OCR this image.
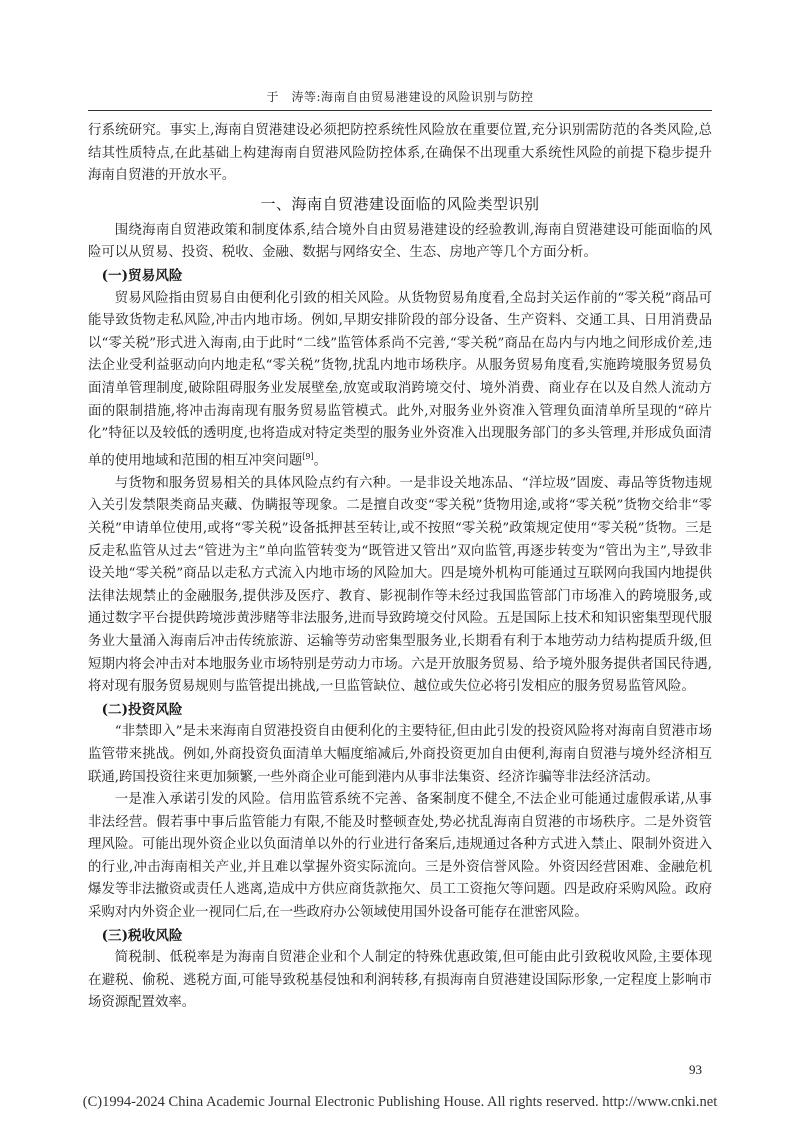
于　涛等:海南自由贸易港建设的风险识别与防控

行系统研究。事实上,海南自贸港建设必须把防控系统性风险放在重要位置,充分识别需防范的各类风险,总结其性质特点,在此基础上构建海南自贸港风险防控体系,在确保不出现重大系统性风险的前提下稳步提升海南自贸港的开放水平。

一、海南自贸港建设面临的风险类型识别

围绕海南自贸港政策和制度体系,结合境外自由贸易港建设的经验教训,海南自贸港建设可能面临的风险可以从贸易、投资、税收、金融、数据与网络安全、生态、房地产等几个方面分析。

(一)贸易风险

贸易风险指由贸易自由便利化引致的相关风险。从货物贸易角度看,全岛封关运作前的“零关税”商品可能导致货物走私风险,冲击内地市场。例如,早期安排阶段的部分设备、生产资料、交通工具、日用消费品以“零关税”形式进入海南,由于此时“二线”监管体系尚不完善,“零关税”商品在岛内与内地之间形成价差,违法企业受利益驱动向内地走私“零关税”货物,扰乱内地市场秩序。从服务贸易角度看,实施跨境服务贸易负面清单管理制度,破除阻碍服务业发展壁垒,放宽或取消跨境交付、境外消费、商业存在以及自然人流动方面的限制措施,将冲击海南现有服务贸易监管模式。此外,对服务业外资准入管理负面清单所呈现的“碎片化”特征以及较低的透明度,也将造成对特定类型的服务业外资准入出现服务部门的多头管理,并形成负面清单的使用地域和范围的相互冲突问题[9]。

与货物和服务贸易相关的具体风险点约有六种。一是非设关地冻品、“洋垃圾”固废、毒品等货物违规入关引发禁限类商品夹藏、伪瞒报等现象。二是擅自改变“零关税”货物用途,或将“零关税”货物交给非“零关税”申请单位使用,或将“零关税”设备抵押甚至转让,或不按照“零关税”政策规定使用“零关税”货物。三是反走私监管从过去“管进为主”单向监管转变为“既管进又管出”双向监管,再逐步转变为“管出为主”,导致非设关地“零关税”商品以走私方式流入内地市场的风险加大。四是境外机构可能通过互联网向我国内地提供法律法规禁止的金融服务,提供涉及医疗、教育、影视制作等未经过我国监管部门市场准入的跨境服务,或通过数字平台提供跨境涉黄涉赌等非法服务,进而导致跨境交付风险。五是国际上技术和知识密集型现代服务业大量涌入海南后冲击传统旅游、运输等劳动密集型服务业,长期看有利于本地劳动力结构提质升级,但短期内将会冲击对本地服务业市场特别是劳动力市场。六是开放服务贸易、给予境外服务提供者国民待遇,将对现有服务贸易规则与监管提出挑战,一旦监管缺位、越位或失位必将引发相应的服务贸易监管风险。

(二)投资风险

“非禁即入”是未来海南自贸港投资自由便利化的主要特征,但由此引发的投资风险将对海南自贸港市场监管带来挑战。例如,外商投资负面清单大幅度缩减后,外商投资更加自由便利,海南自贸港与境外经济相互联通,跨国投资往来更加频繁,一些外商企业可能到港内从事非法集资、经济诈骗等非法经济活动。

一是准入承诺引发的风险。信用监管系统不完善、备案制度不健全,不法企业可能通过虚假承诺,从事非法经营。假若事中事后监管能力有限,不能及时整顿查处,势必扰乱海南自贸港的市场秩序。二是外资管理风险。可能出现外资企业以负面清单以外的行业进行备案后,违规通过各种方式进入禁止、限制外资进入的行业,冲击海南相关产业,并且难以掌握外资实际流向。三是外资信誉风险。外资因经营困难、金融危机爆发等非法撤资或责任人逃离,造成中方供应商货款拖欠、员工工资拖欠等问题。四是政府采购风险。政府采购对内外资企业一视同仁后,在一些政府办公领域使用国外设备可能存在泄密风险。

(三)税收风险

简税制、低税率是为海南自贸港企业和个人制定的特殊优惠政策,但可能由此引致税收风险,主要体现在避税、偷税、逃税方面,可能导致税基侵蚀和利润转移,有损海南自贸港建设国际形象,一定程度上影响市场资源配置效率。

93
(C)1994-2024 China Academic Journal Electronic Publishing House. All rights reserved. http://www.cnki.net
